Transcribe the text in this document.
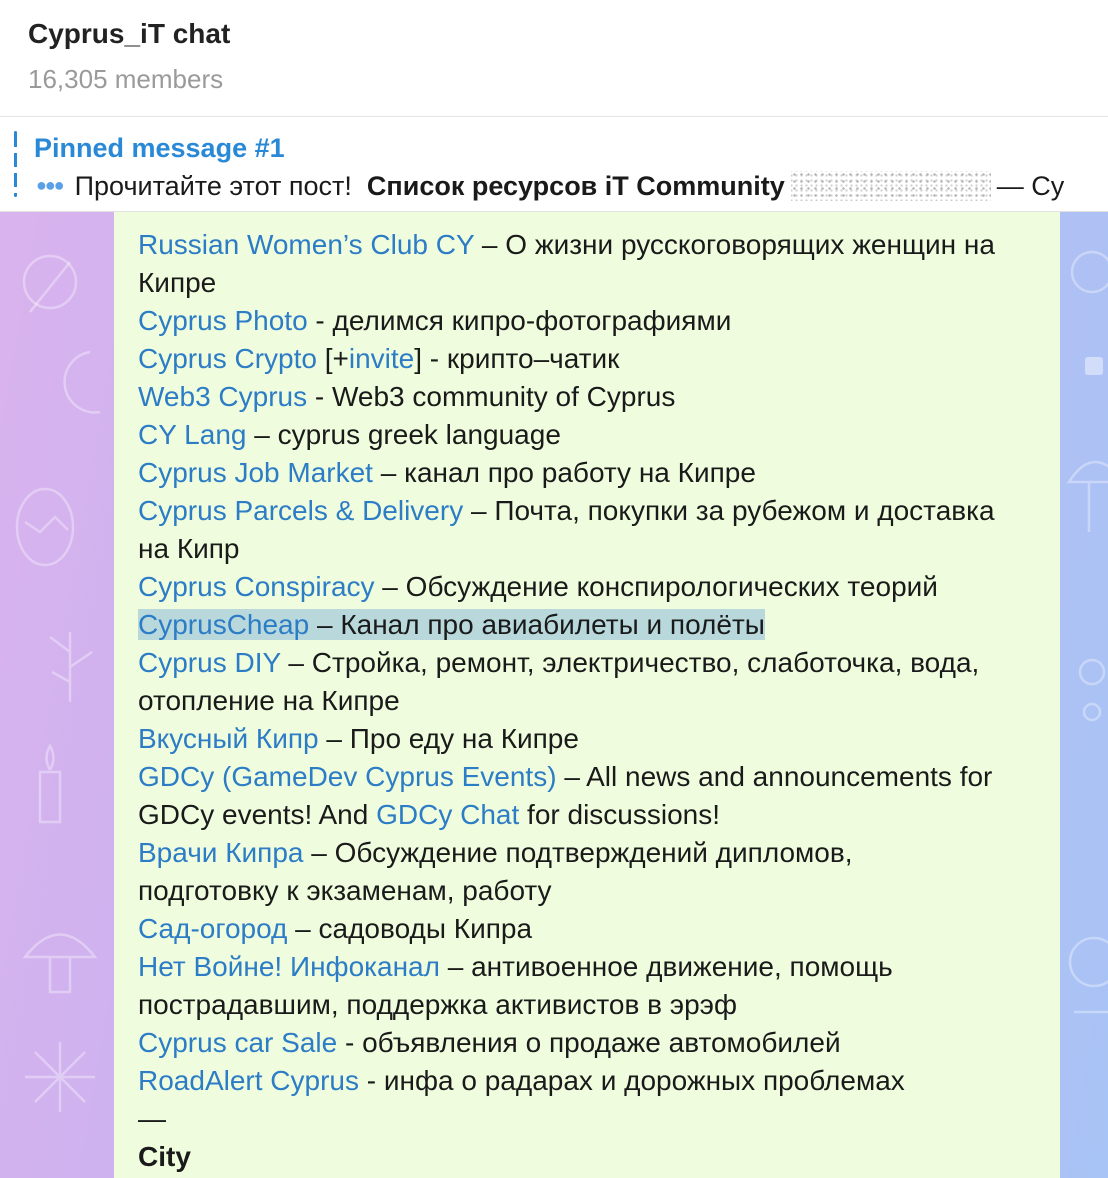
Cyprus_iT chat
16,305 members
Pinned message #1
●●● Прочитайте этот пост! Список ресурсов iT Community	— Су
Russian Women’s Club CY – О жизни русскоговорящих женщин на
Кипре
Cyprus Photo - делимся кипро-фотографиями
Cyprus Crypto [+invite] - крипто–чатик
Web3 Cyprus - Web3 community of Cyprus
CY Lang – cyprus greek language
Cyprus Job Market – канал про работу на Кипре
Cyprus Parcels & Delivery – Почта, покупки за рубежом и доставка
на Кипр
Cyprus Conspiracy – Обсуждение конспирологических теорий
CyprusCheap – Канал про авиабилеты и полёты
Cyprus DIY – Стройка, ремонт, электричество, слаботочка, вода,
отопление на Кипре
Вкусный Кипр – Про еду на Кипре
GDCy (GameDev Cyprus Events) – All news and announcements for
GDCy events! And GDCy Chat for discussions!
Врачи Кипра – Обсуждение подтверждений дипломов,
подготовку к экзаменам, работу
Сад-огород – садоводы Кипра
Нет Войне! Инфоканал – антивоенное движение, помощь
пострадавшим, поддержка активистов в эрэф
Cyprus car Sale - объявления о продаже автомобилей
RoadAlert Cyprus - инфа о радарах и дорожных проблемах
—
City
